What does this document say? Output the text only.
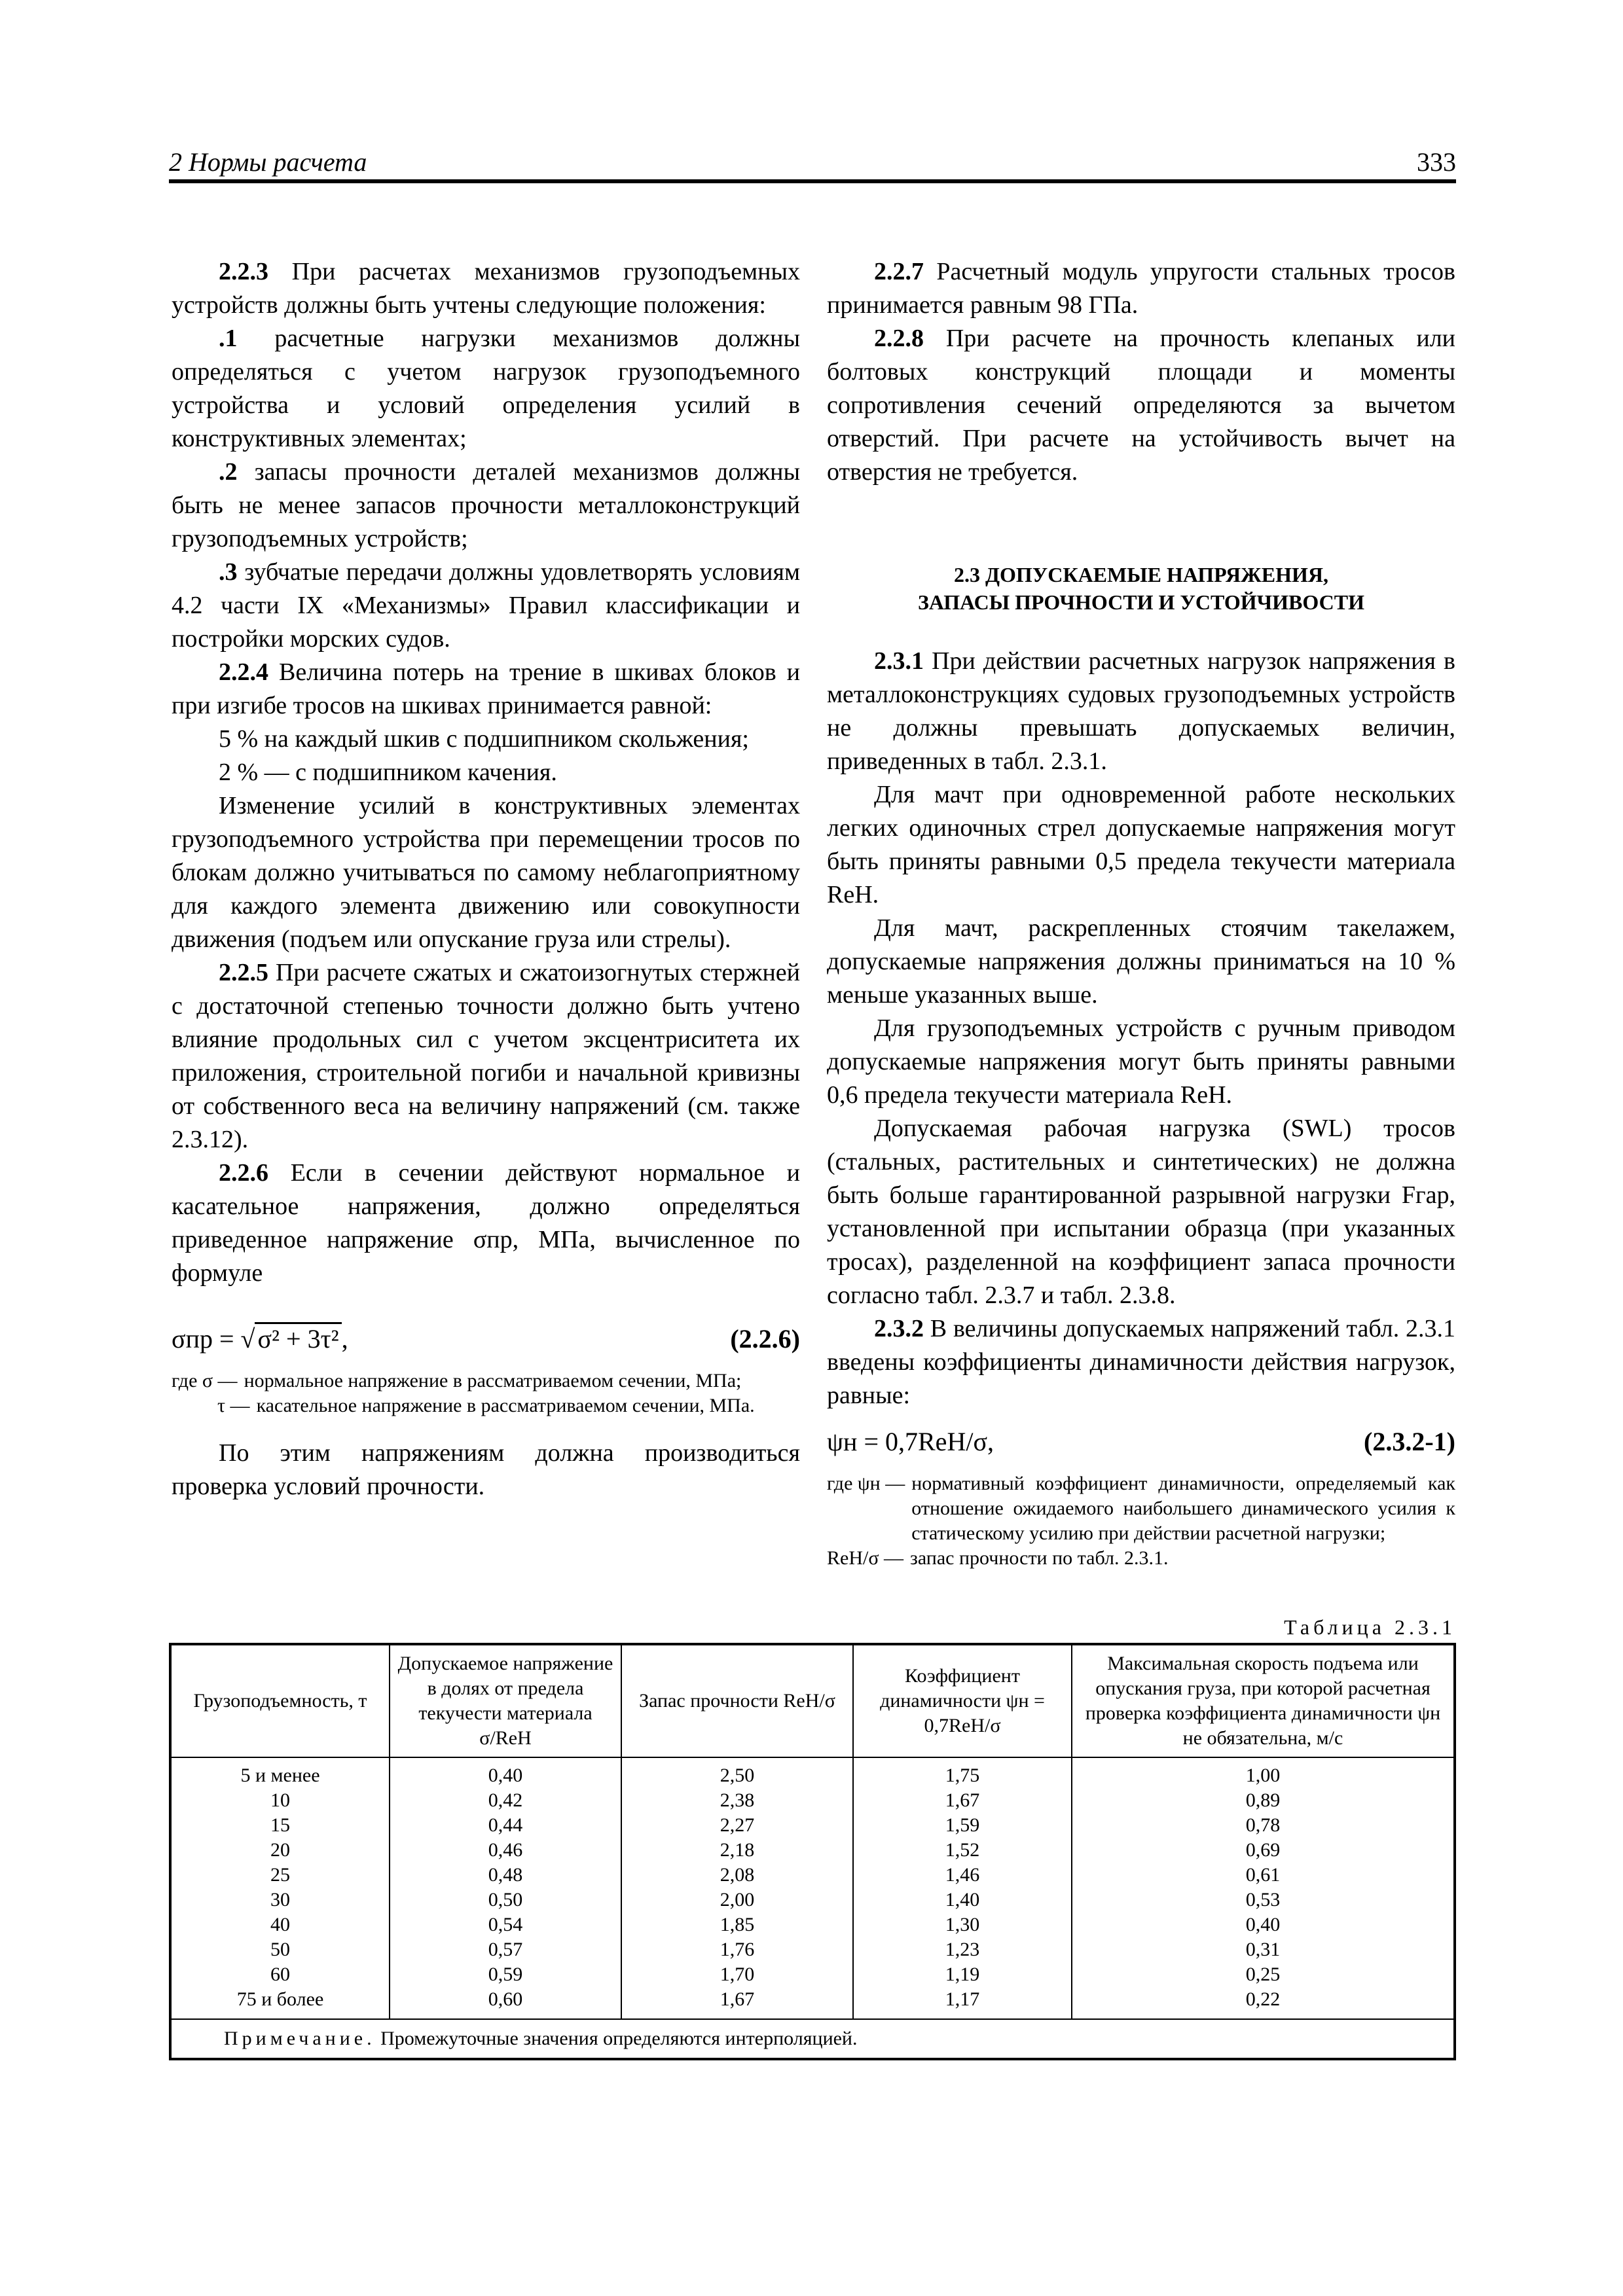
2 Нормы расчета	333

2.2.3 При расчетах механизмов грузоподъемных устройств должны быть учтены следующие положения:

.1 расчетные нагрузки механизмов должны определяться с учетом нагрузок грузоподъемного устройства и условий определения усилий в конструктивных элементах;

.2 запасы прочности деталей механизмов должны быть не менее запасов прочности металлоконструкций грузоподъемных устройств;

.3 зубчатые передачи должны удовлетворять условиям 4.2 части IX «Механизмы» Правил классификации и постройки морских судов.

2.2.4 Величина потерь на трение в шкивах блоков и при изгибе тросов на шкивах принимается равной:

5 % на каждый шкив с подшипником скольжения;

2 % — с подшипником качения.

Изменение усилий в конструктивных элементах грузоподъемного устройства при перемещении тросов по блокам должно учитываться по самому неблагоприятному для каждого элемента движению или совокупности движения (подъем или опускание груза или стрелы).

2.2.5 При расчете сжатых и сжатоизогнутых стержней с достаточной степенью точности должно быть учтено влияние продольных сил с учетом эксцентриситета их приложения, строительной погиби и начальной кривизны от собственного веса на величину напряжений (см. также 2.3.12).

2.2.6 Если в сечении действуют нормальное и касательное напряжения, должно определяться приведенное напряжение σпр, МПа, вычисленное по формуле

σпр = √ σ² + 3τ² ,	(2.2.6)
где σ — нормальное напряжение в рассматриваемом сечении, МПа;
τ — касательное напряжение в рассматриваемом сечении, МПа.

По этим напряжениям должна производиться проверка условий прочности.

2.2.7 Расчетный модуль упругости стальных тросов принимается равным 98 ГПа.

2.2.8 При расчете на прочность клепаных или болтовых конструкций площади и моменты сопротивления сечений определяются за вычетом отверстий. При расчете на устойчивость вычет на отверстия не требуется.

2.3 ДОПУСКАЕМЫЕ НАПРЯЖЕНИЯ,
ЗАПАСЫ ПРОЧНОСТИ И УСТОЙЧИВОСТИ

2.3.1 При действии расчетных нагрузок напряжения в металлоконструкциях судовых грузоподъемных устройств не должны превышать допускаемых величин, приведенных в табл. 2.3.1.

Для мачт при одновременной работе нескольких легких одиночных стрел допускаемые напряжения могут быть приняты равными 0,5 предела текучести материала ReH.

Для мачт, раскрепленных стоячим такелажем, допускаемые напряжения должны приниматься на 10 % меньше указанных выше.

Для грузоподъемных устройств с ручным приводом допускаемые напряжения могут быть приняты равными 0,6 предела текучести материала ReH.

Допускаемая рабочая нагрузка (SWL) тросов (стальных, растительных и синтетических) не должна быть больше гарантированной разрывной нагрузки Fгар, установленной при испытании образца (при указанных тросах), разделенной на коэффициент запаса прочности согласно табл. 2.3.7 и табл. 2.3.8.

2.3.2 В величины допускаемых напряжений табл. 2.3.1 введены коэффициенты динамичности действия нагрузок, равные:

ψн = 0,7ReH/σ,	(2.3.2-1)
где ψн — нормативный коэффициент динамичности, определяемый как отношение ожидаемого наибольшего динамического усилия к статическому усилию при действии расчетной нагрузки;
ReH/σ — запас прочности по табл. 2.3.1.
Таблица 2.3.1
Грузоподъемность, т	Допускаемое напряжение в долях от предела текучести материала σ/ReH	Запас прочности ReH/σ	Коэффициент динамичности ψн = 0,7ReH/σ	Максимальная скорость подъема или опускания груза, при которой расчетная проверка коэффициента динамичности ψн не обязательна, м/с
5 и менее	0,40	2,50	1,75	1,00
10	0,42	2,38	1,67	0,89
15	0,44	2,27	1,59	0,78
20	0,46	2,18	1,52	0,69
25	0,48	2,08	1,46	0,61
30	0,50	2,00	1,40	0,53
40	0,54	1,85	1,30	0,40
50	0,57	1,76	1,23	0,31
60	0,59	1,70	1,19	0,25
75 и более	0,60	1,67	1,17	0,22
Примечание. Промежуточные значения определяются интерполяцией.				
